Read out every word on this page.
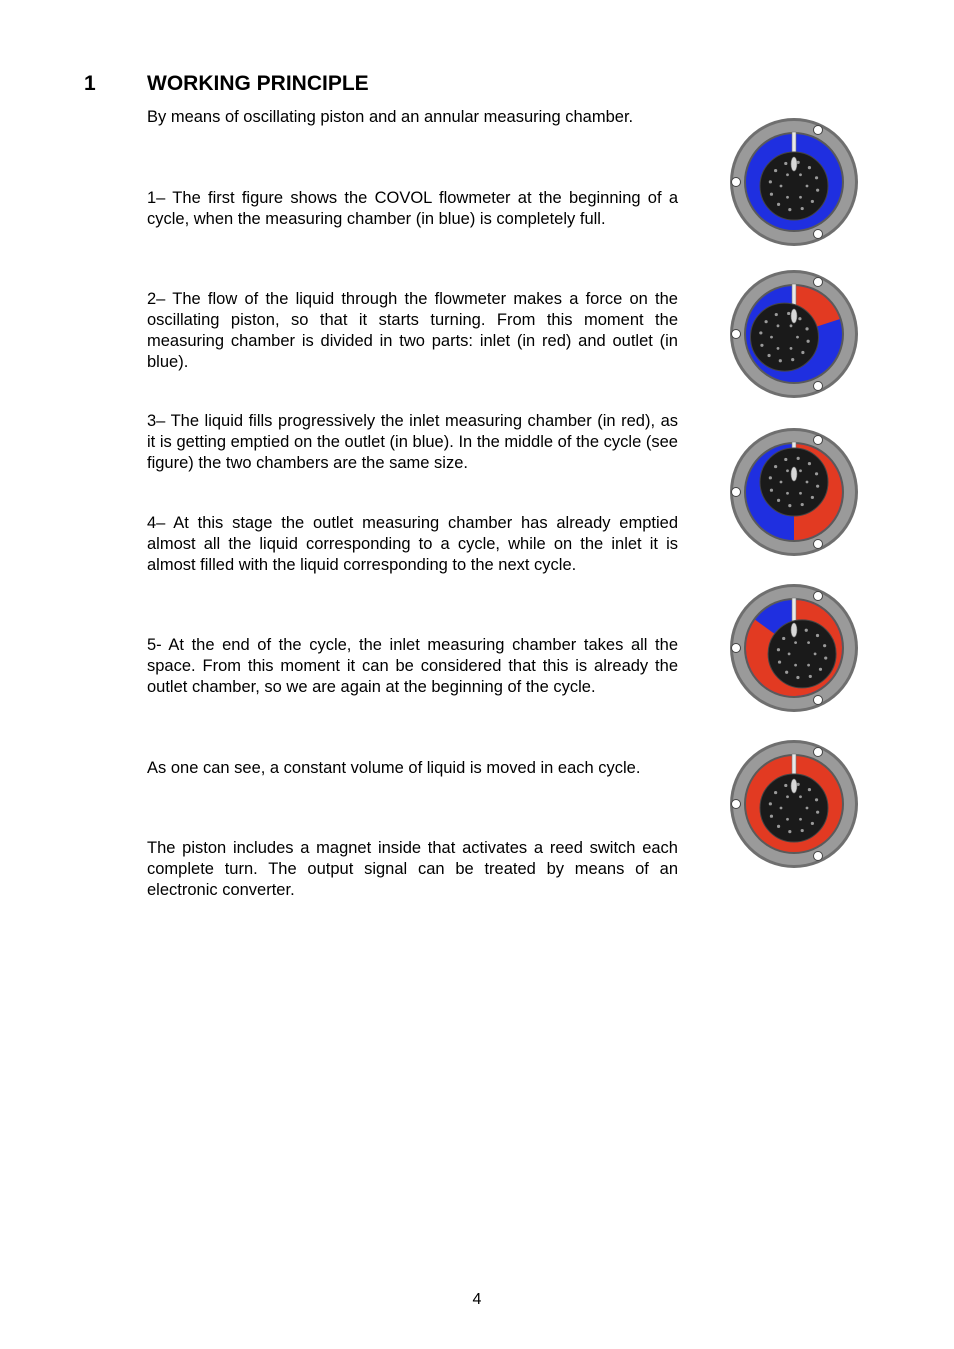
1 WORKING PRINCIPLE

By means of oscillating piston and an annular measuring chamber.

1– The first figure shows the COVOL flowmeter at the beginning of a cycle, when the measuring chamber (in blue) is completely full.

2– The flow of the liquid through the flowmeter makes a force on the oscillating piston, so that it starts turning. From this moment the measuring chamber is divided in two parts: inlet (in red) and outlet (in blue).

3– The liquid fills progressively the inlet measuring chamber (in red), as it is getting emptied on the outlet (in blue). In the middle of the cycle (see figure) the two chambers are the same size.

4– At this stage the outlet measuring chamber has already emptied almost all the liquid corresponding to a cycle, while on the inlet it is almost filled with the liquid corresponding to the next cycle.

5- At the end of the cycle, the inlet measuring chamber takes all the space. From this moment it can be considered that this is already the outlet chamber, so we are again at the beginning of the cycle.

As one can see, a constant volume of liquid is moved in each cycle.

The piston includes a magnet inside that activates a reed switch each complete turn. The output signal can be treated by means of an electronic converter.

4
